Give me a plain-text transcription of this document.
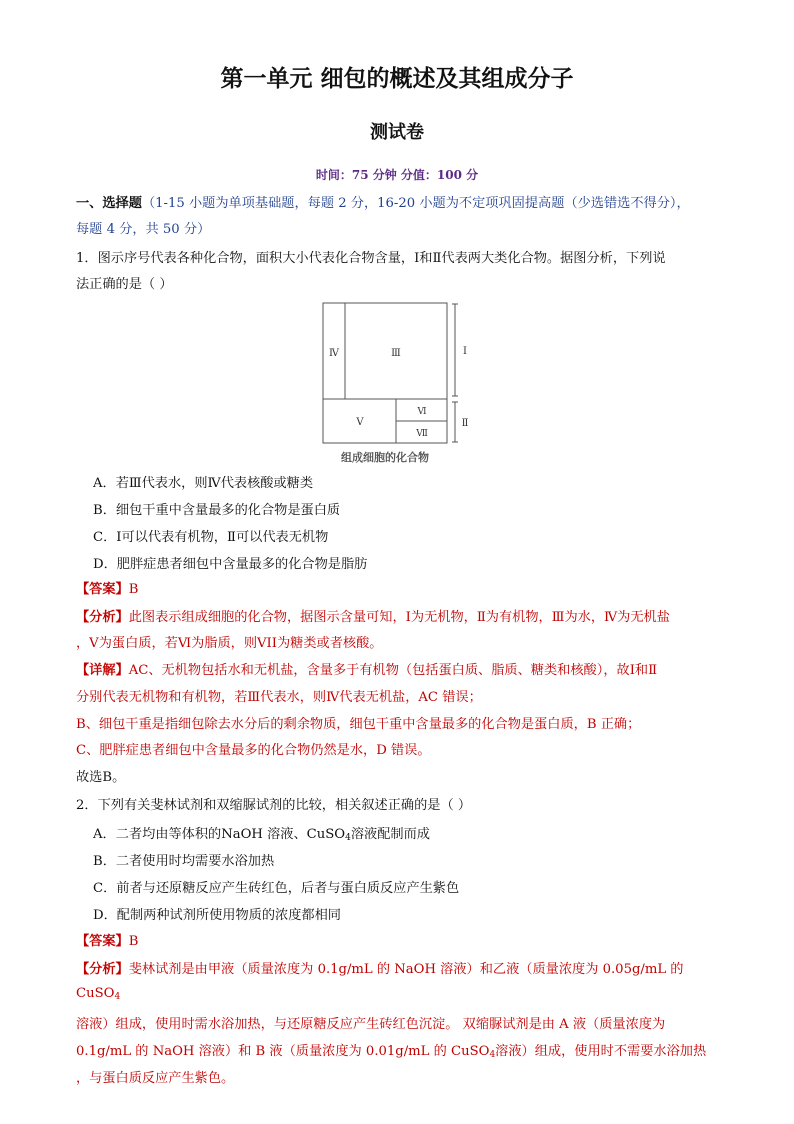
第一单元 细包的概述及其组成分子
测试卷
时间：75 分钟 分值：100 分
一、选择题（1-15 小题为单项基础题，每题 2 分，16-20 小题为不定项巩固提高题（少选错选不得分），
每题 4 分，共 50 分）
1．图示序号代表各种化合物，面积大小代表化合物含量，Ⅰ和Ⅱ代表两大类化合物。据图分析，下列说
法正确的是（ ）
Ⅳ	Ⅲ	Ⅰ
Ⅴ
Ⅵ
Ⅶ
Ⅱ
组成细胞的化合物
A．若Ⅲ代表水，则Ⅳ代表核酸或糖类
B．细包干重中含量最多的化合物是蛋白质
C．Ⅰ可以代表有机物，Ⅱ可以代表无机物
D．肥胖症患者细包中含量最多的化合物是脂肪
【答案】B
【分析】此图表示组成细胞的化合物，据图示含量可知，Ⅰ为无机物，Ⅱ为有机物，Ⅲ为水，Ⅳ为无机盐
，Ⅴ为蛋白质，若Ⅵ为脂质，则VII为糖类或者核酸。
【详解】AC、无机物包括水和无机盐，含量多于有机物（包括蛋白质、脂质、糖类和核酸），故Ⅰ和Ⅱ
分别代表无机物和有机物，若Ⅲ代表水，则Ⅳ代表无机盐，AC 错误；
B、细包干重是指细包除去水分后的剩余物质，细包干重中含量最多的化合物是蛋白质，B 正确；
C、肥胖症患者细包中含量最多的化合物仍然是水，D 错误。
故选B。
2．下列有关斐林试剂和双缩脲试剂的比较，相关叙述正确的是（ ）
A．二者均由等体积的NaOH 溶液、CuSO$_4$溶液配制而成
B．二者使用时均需要水浴加热
C．前者与还原糖反应产生砖红色，后者与蛋白质反应产生紫色
D．配制两种试剂所使用物质的浓度都相同
【答案】B
【分析】斐林试剂是由甲液（质量浓度为 0.1g/mL 的 NaOH 溶液）和乙液（质量浓度为 0.05g/mL 的
CuSO$_4$
溶液）组成，使用时需水浴加热，与还原糖反应产生砖红色沉淀。 双缩脲试剂是由 A 液（质量浓度为
0.1g/mL 的 NaOH 溶液）和 B 液（质量浓度为 0.01g/mL 的 CuSO$_4$溶液）组成，使用时不需要水浴加热
，与蛋白质反应产生紫色。
